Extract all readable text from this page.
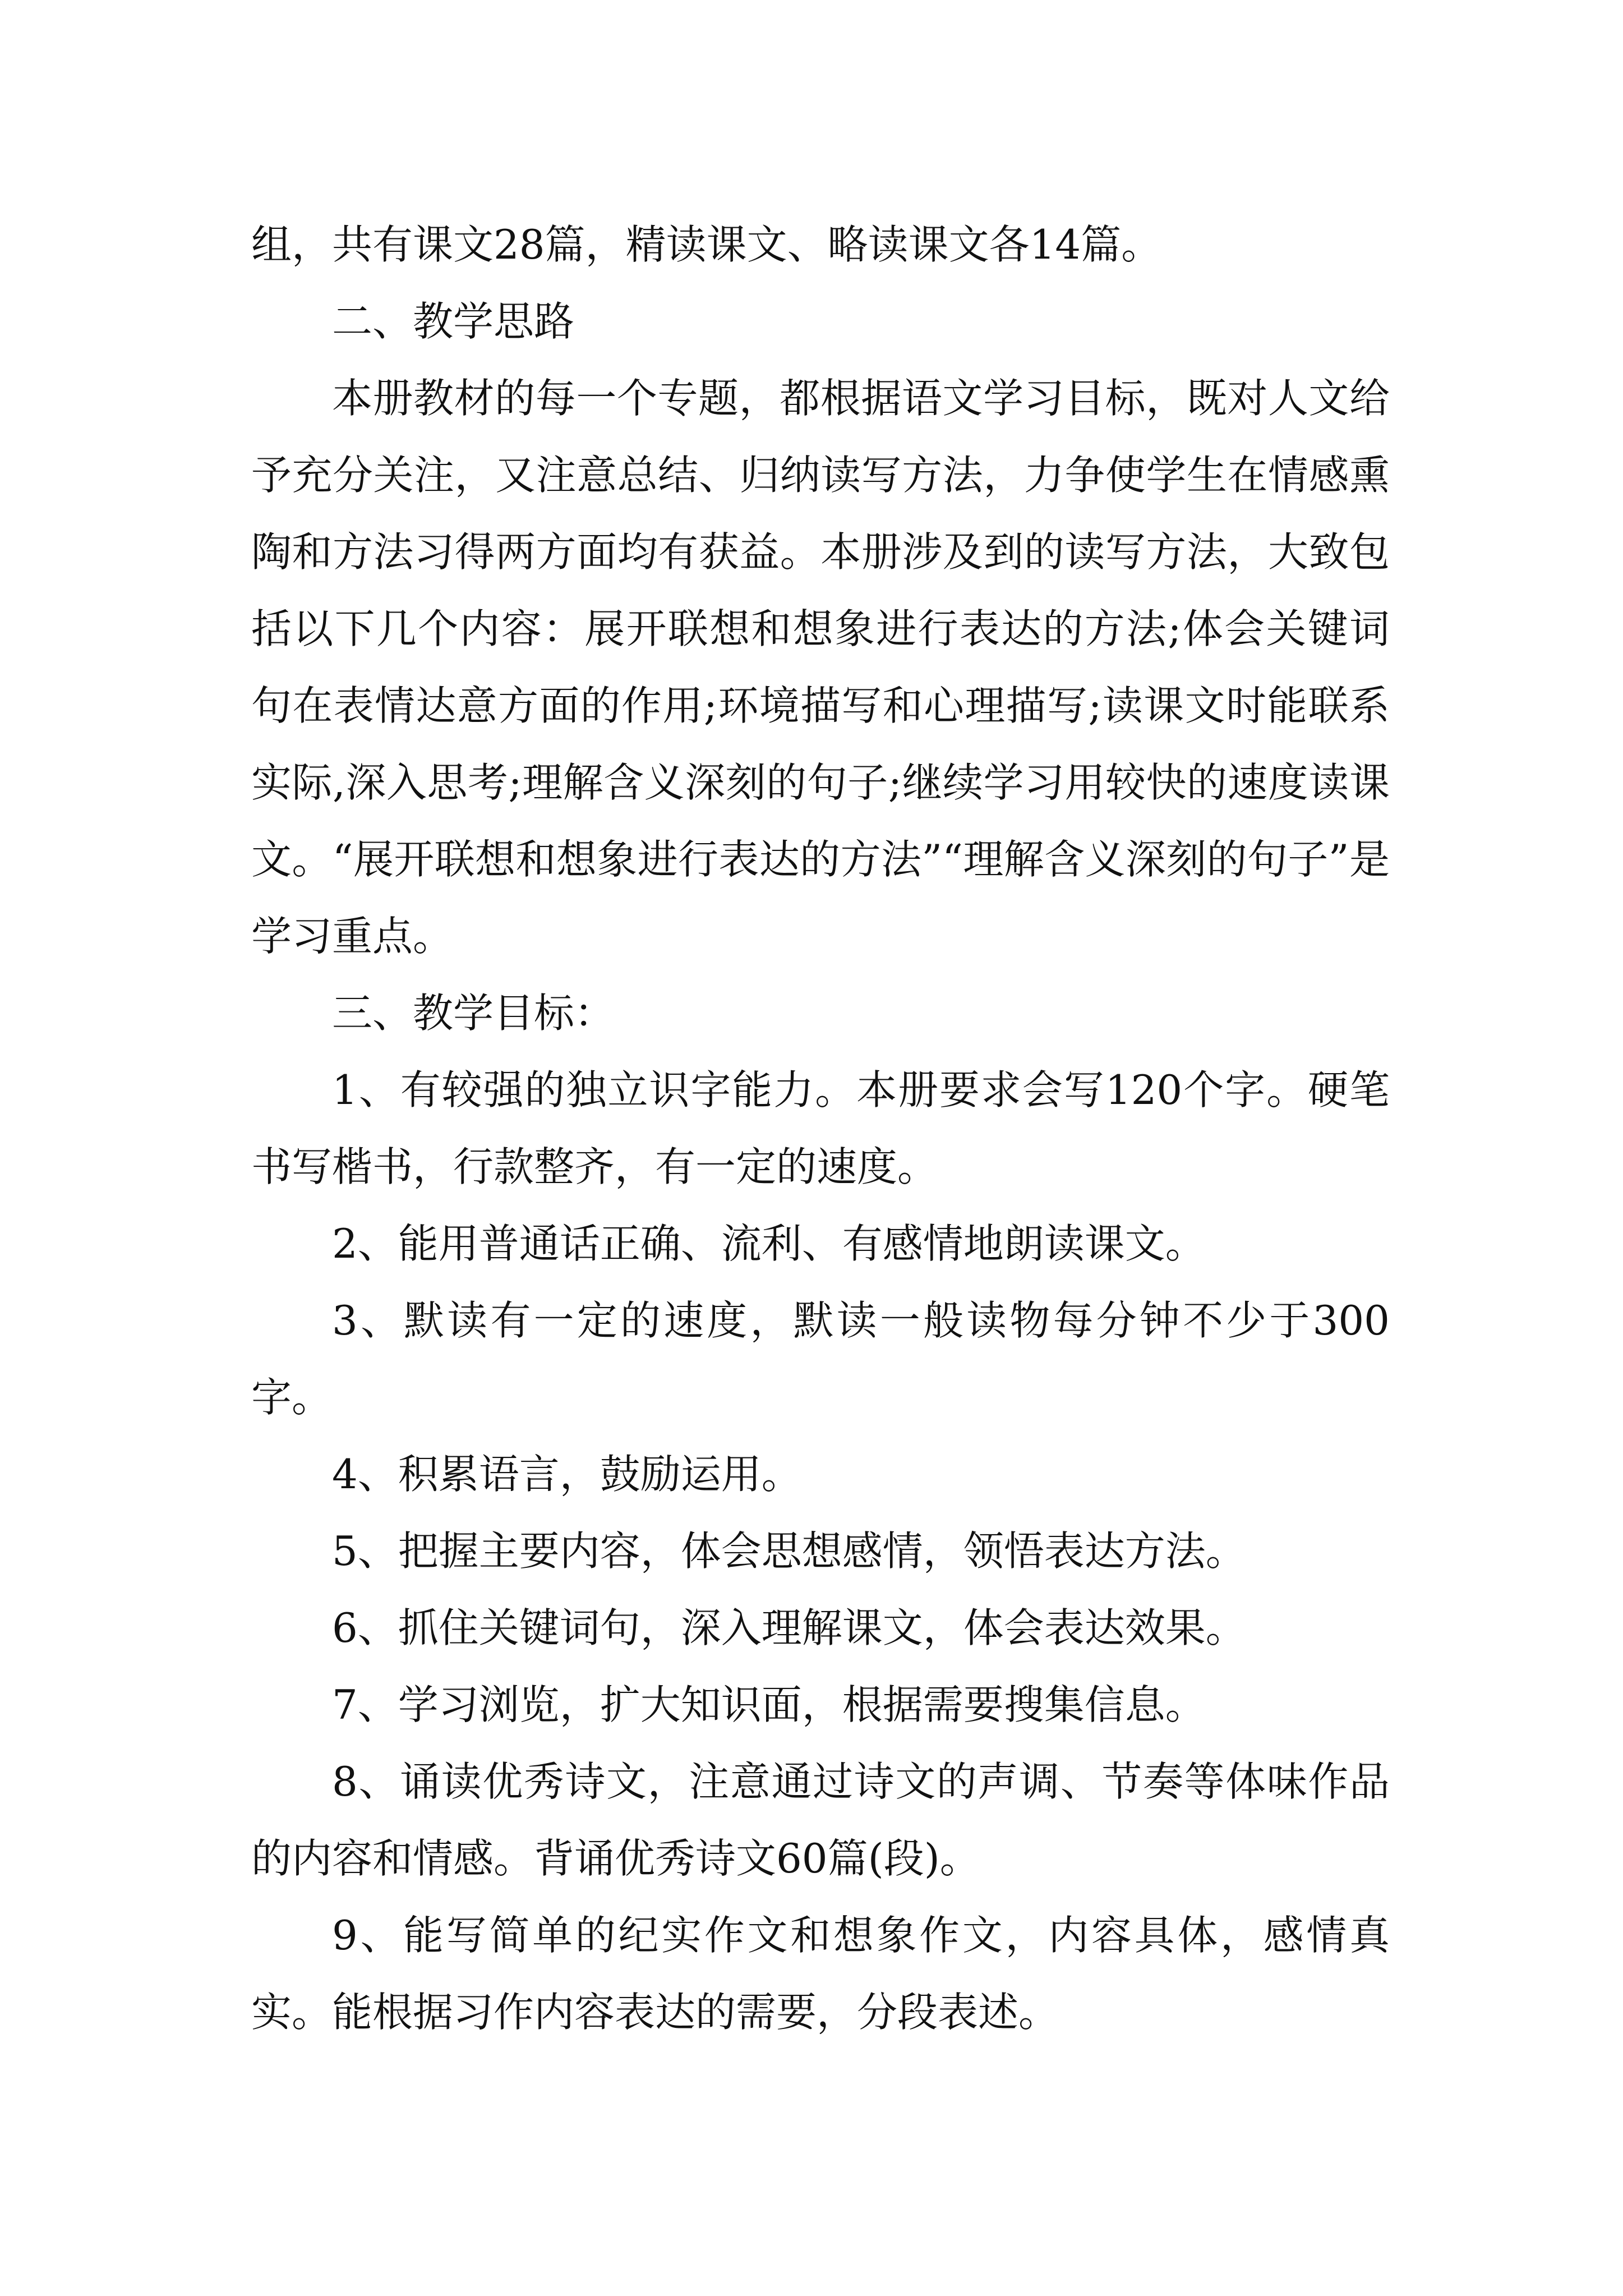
组，共有课文28篇，精读课文、略读课文各14篇。

二、教学思路

本册教材的每一个专题，都根据语文学习目标，既对人文给予充分关注，又注意总结、归纳读写方法，力争使学生在情感熏陶和方法习得两方面均有获益。本册涉及到的读写方法，大致包括以下几个内容：展开联想和想象进行表达的方法;体会关键词句在表情达意方面的作用;环境描写和心理描写;读课文时能联系实际,深入思考;理解含义深刻的句子;继续学习用较快的速度读课文。“展开联想和想象进行表达的方法”“理解含义深刻的句子”是学习重点。

三、教学目标：

1、有较强的独立识字能力。本册要求会写120个字。硬笔书写楷书，行款整齐，有一定的速度。

2、能用普通话正确、流利、有感情地朗读课文。

3、默读有一定的速度，默读一般读物每分钟不少于300字。

4、积累语言，鼓励运用。

5、把握主要内容，体会思想感情，领悟表达方法。

6、抓住关键词句，深入理解课文，体会表达效果。

7、学习浏览，扩大知识面，根据需要搜集信息。

8、诵读优秀诗文，注意通过诗文的声调、节奏等体味作品的内容和情感。背诵优秀诗文60篇(段)。

9、能写简单的纪实作文和想象作文，内容具体，感情真实。能根据习作内容表达的需要，分段表述。
